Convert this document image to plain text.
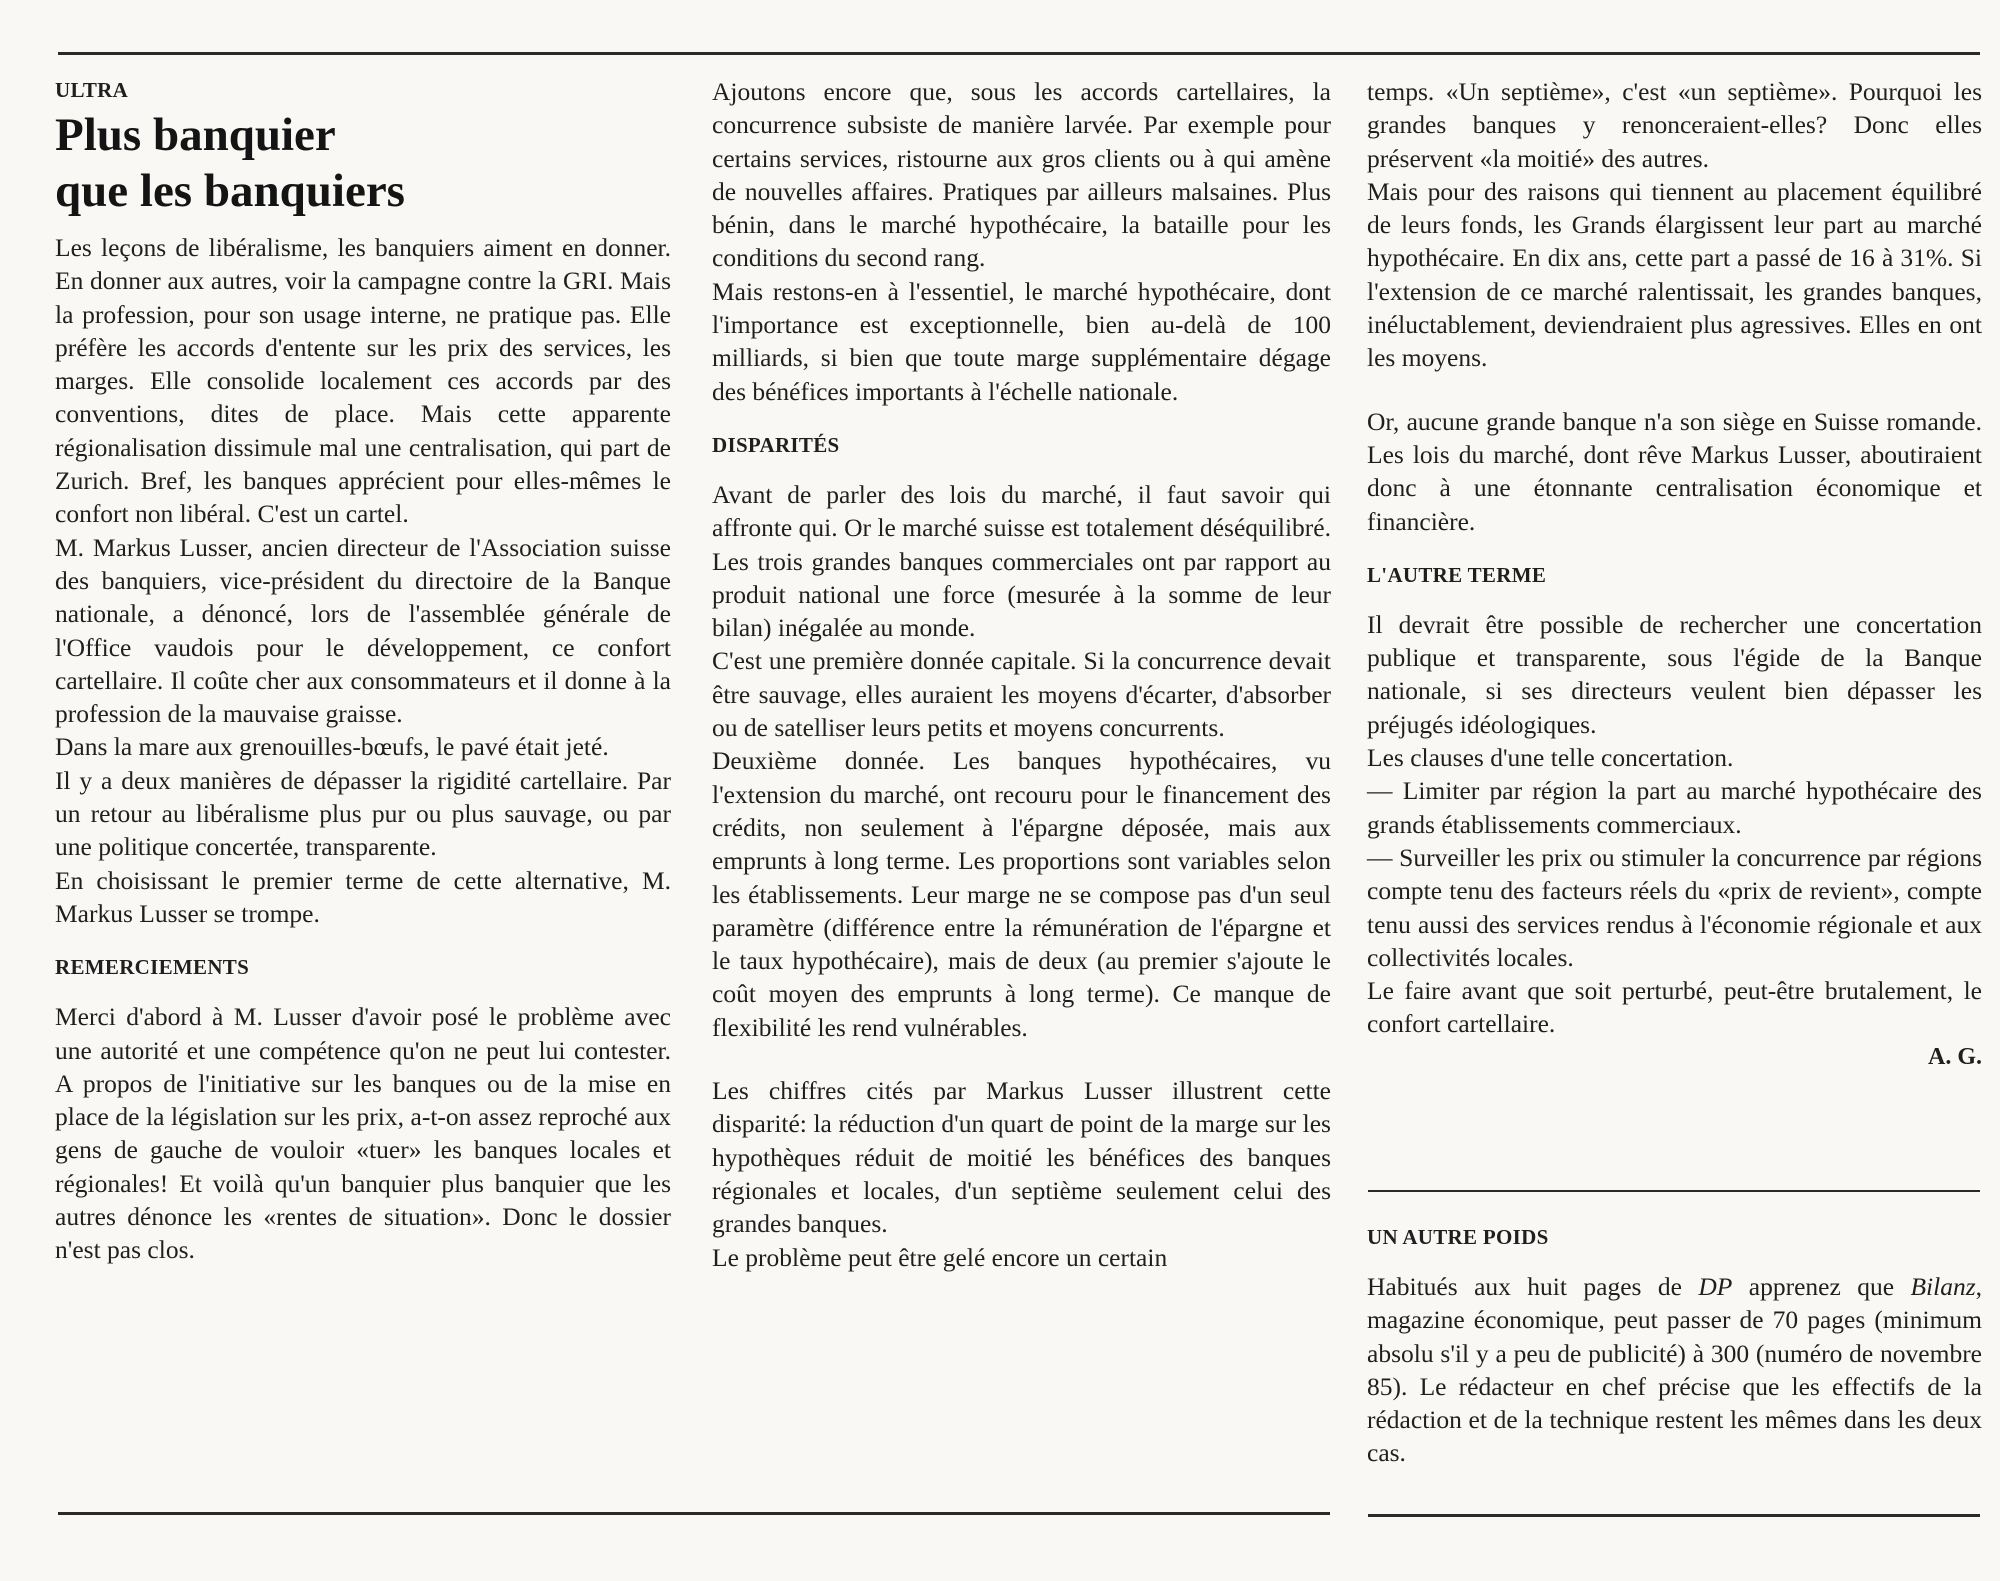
ULTRA
Plus banquier
que les banquiers

Les leçons de libéralisme, les banquiers aiment en donner. En donner aux autres, voir la campagne contre la GRI. Mais la profession, pour son usage interne, ne pratique pas. Elle préfère les accords d'entente sur les prix des services, les marges. Elle consolide localement ces accords par des conventions, dites de place. Mais cette apparente régionalisation dissimule mal une centralisation, qui part de Zurich. Bref, les banques apprécient pour elles-mêmes le confort non libéral. C'est un cartel.

M. Markus Lusser, ancien directeur de l'Association suisse des banquiers, vice-président du directoire de la Banque nationale, a dénoncé, lors de l'assemblée générale de l'Office vaudois pour le développement, ce confort cartellaire. Il coûte cher aux consommateurs et il donne à la profession de la mauvaise graisse.

Dans la mare aux grenouilles-bœufs, le pavé était jeté.

Il y a deux manières de dépasser la rigidité cartellaire. Par un retour au libéralisme plus pur ou plus sauvage, ou par une politique concertée, transparente.

En choisissant le premier terme de cette alternative, M. Markus Lusser se trompe.

REMERCIEMENTS

Merci d'abord à M. Lusser d'avoir posé le problème avec une autorité et une compétence qu'on ne peut lui contester. A propos de l'initiative sur les banques ou de la mise en place de la législation sur les prix, a-t-on assez reproché aux gens de gauche de vouloir «tuer» les banques locales et régionales! Et voilà qu'un banquier plus banquier que les autres dénonce les «rentes de situation». Donc le dossier n'est pas clos.

Ajoutons encore que, sous les accords cartellaires, la concurrence subsiste de manière larvée. Par exemple pour certains services, ristourne aux gros clients ou à qui amène de nouvelles affaires. Pratiques par ailleurs malsaines. Plus bénin, dans le marché hypothécaire, la bataille pour les conditions du second rang.

Mais restons-en à l'essentiel, le marché hypothécaire, dont l'importance est exceptionnelle, bien au-delà de 100 milliards, si bien que toute marge supplémentaire dégage des bénéfices importants à l'échelle nationale.

DISPARITÉS

Avant de parler des lois du marché, il faut savoir qui affronte qui. Or le marché suisse est totalement déséquilibré. Les trois grandes banques commerciales ont par rapport au produit national une force (mesurée à la somme de leur bilan) inégalée au monde.

C'est une première donnée capitale. Si la concurrence devait être sauvage, elles auraient les moyens d'écarter, d'absorber ou de satelliser leurs petits et moyens concurrents.

Deuxième donnée. Les banques hypothécaires, vu l'extension du marché, ont recouru pour le financement des crédits, non seulement à l'épargne déposée, mais aux emprunts à long terme. Les proportions sont variables selon les établissements. Leur marge ne se compose pas d'un seul paramètre (différence entre la rémunération de l'épargne et le taux hypothécaire), mais de deux (au premier s'ajoute le coût moyen des emprunts à long terme). Ce manque de flexibilité les rend vulnérables.

Les chiffres cités par Markus Lusser illustrent cette disparité: la réduction d'un quart de point de la marge sur les hypothèques réduit de moitié les bénéfices des banques régionales et locales, d'un septième seulement celui des grandes banques.

Le problème peut être gelé encore un certain

temps. «Un septième», c'est «un septième». Pourquoi les grandes banques y renonceraient-elles? Donc elles préservent «la moitié» des autres.

Mais pour des raisons qui tiennent au placement équilibré de leurs fonds, les Grands élargissent leur part au marché hypothécaire. En dix ans, cette part a passé de 16 à 31%. Si l'extension de ce marché ralentissait, les grandes banques, inéluctablement, deviendraient plus agressives. Elles en ont les moyens.

Or, aucune grande banque n'a son siège en Suisse romande. Les lois du marché, dont rêve Markus Lusser, aboutiraient donc à une étonnante centralisation économique et financière.

L'AUTRE TERME

Il devrait être possible de rechercher une concertation publique et transparente, sous l'égide de la Banque nationale, si ses directeurs veulent bien dépasser les préjugés idéologiques.

Les clauses d'une telle concertation.

— Limiter par région la part au marché hypothécaire des grands établissements commerciaux.

— Surveiller les prix ou stimuler la concurrence par régions compte tenu des facteurs réels du «prix de revient», compte tenu aussi des services rendus à l'économie régionale et aux collectivités locales.

Le faire avant que soit perturbé, peut-être brutalement, le confort cartellaire.

A. G.
UN AUTRE POIDS

Habitués aux huit pages de DP apprenez que Bilanz, magazine économique, peut passer de 70 pages (minimum absolu s'il y a peu de publicité) à 300 (numéro de novembre 85). Le rédacteur en chef précise que les effectifs de la rédaction et de la technique restent les mêmes dans les deux cas.
